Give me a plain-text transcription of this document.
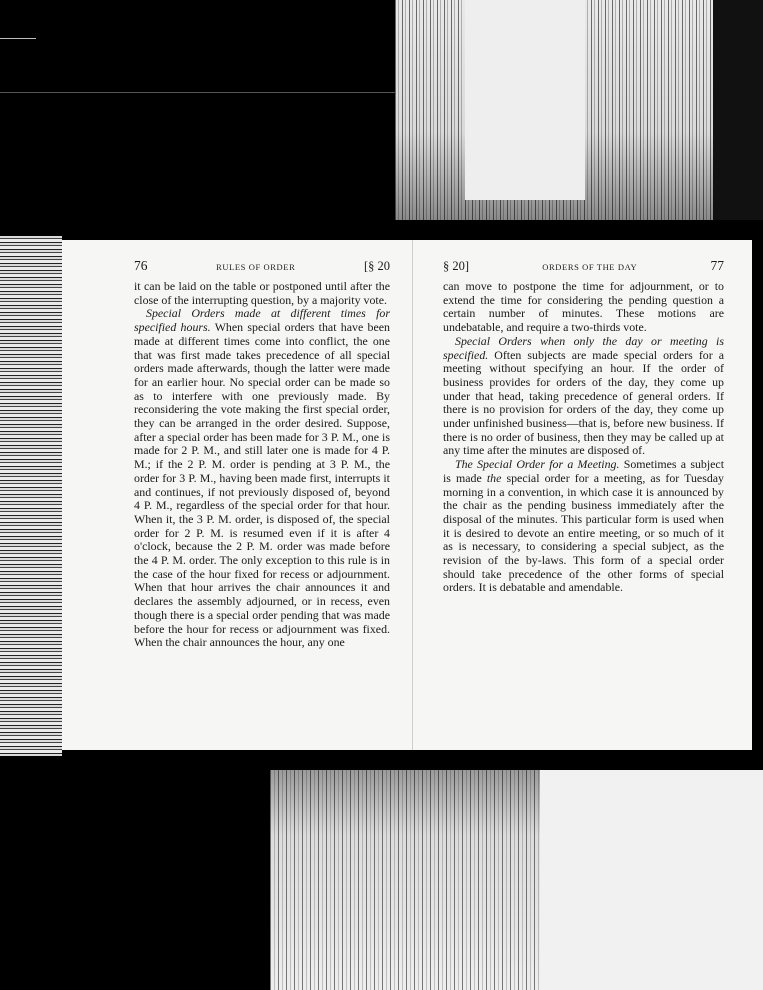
76	RULES OF ORDER	[§ 20

it can be laid on the table or postponed until after the close of the interrupting question, by a majority vote.

Special Orders made at different times for specified hours. When special orders that have been made at different times come into conflict, the one that was first made takes precedence of all special orders made afterwards, though the latter were made for an earlier hour. No special order can be made so as to interfere with one previously made. By reconsidering the vote making the first special order, they can be arranged in the order desired. Suppose, after a special order has been made for 3 P. M., one is made for 2 P. M., and still later one is made for 4 P. M.; if the 2 P. M. order is pending at 3 P. M., the order for 3 P. M., having been made first, interrupts it and continues, if not previously disposed of, beyond 4 P. M., regardless of the special order for that hour. When it, the 3 P. M. order, is disposed of, the special order for 2 P. M. is resumed even if it is after 4 o'clock, because the 2 P. M. order was made before the 4 P. M. order. The only exception to this rule is in the case of the hour fixed for recess or adjournment. When that hour arrives the chair announces it and declares the assembly adjourned, or in recess, even though there is a special order pending that was made before the hour for recess or adjournment was fixed. When the chair announces the hour, any one

§ 20]	ORDERS OF THE DAY	77

can move to postpone the time for adjournment, or to extend the time for considering the pending question a certain number of minutes. These motions are undebatable, and require a two-thirds vote.

Special Orders when only the day or meeting is specified. Often subjects are made special orders for a meeting without specifying an hour. If the order of business provides for orders of the day, they come up under that head, taking precedence of general orders. If there is no provision for orders of the day, they come up under unfinished business—that is, before new business. If there is no order of business, then they may be called up at any time after the minutes are disposed of.

The Special Order for a Meeting. Sometimes a subject is made the special order for a meeting, as for Tuesday morning in a convention, in which case it is announced by the chair as the pending business immediately after the disposal of the minutes. This particular form is used when it is desired to devote an entire meeting, or so much of it as is necessary, to considering a special subject, as the revision of the by-laws. This form of a special order should take precedence of the other forms of special orders. It is debatable and amendable.
